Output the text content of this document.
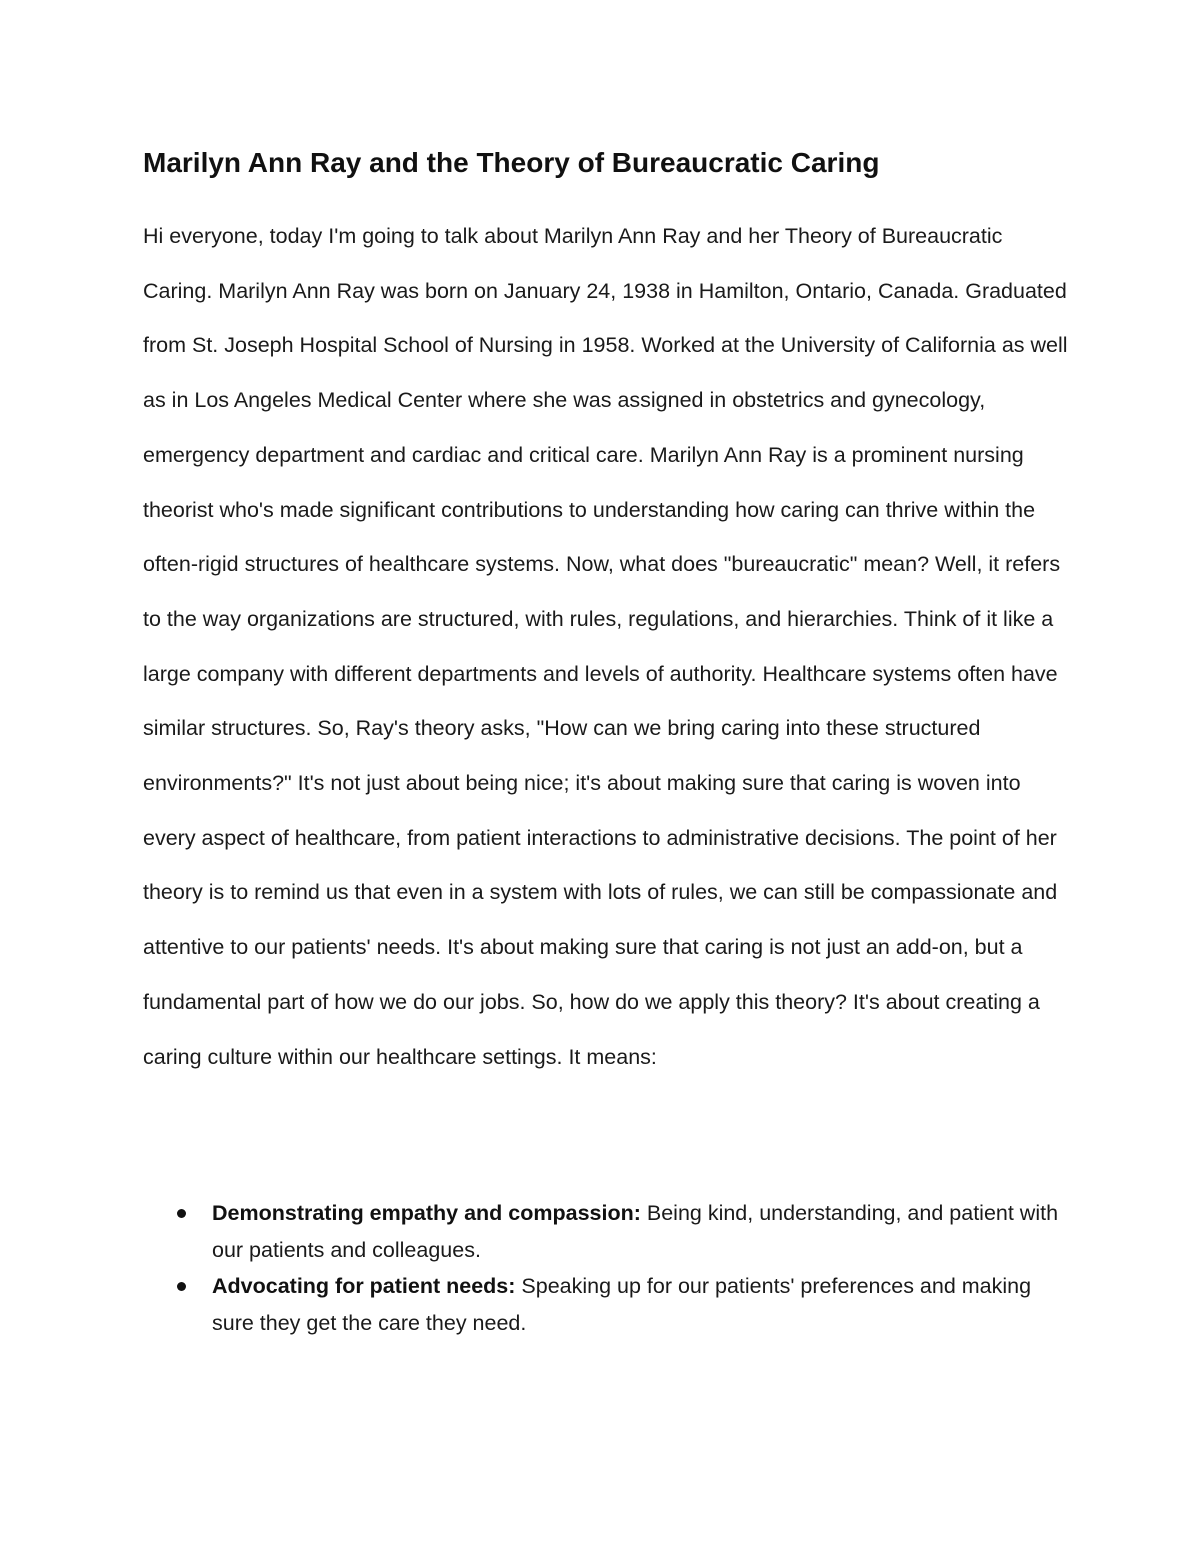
Marilyn Ann Ray and the Theory of Bureaucratic Caring

Hi everyone, today I'm going to talk about Marilyn Ann Ray and her Theory of Bureaucratic Caring. Marilyn Ann Ray was born on January 24, 1938 in Hamilton, Ontario, Canada. Graduated from St. Joseph Hospital School of Nursing in 1958. Worked at the University of California as well as in Los Angeles Medical Center where she was assigned in obstetrics and gynecology, emergency department and cardiac and critical care. Marilyn Ann Ray is a prominent nursing theorist who's made significant contributions to understanding how caring can thrive within the often-rigid structures of healthcare systems. Now, what does "bureaucratic" mean? Well, it refers to the way organizations are structured, with rules, regulations, and hierarchies. Think of it like a large company with different departments and levels of authority. Healthcare systems often have similar structures. So, Ray's theory asks, "How can we bring caring into these structured environments?" It's not just about being nice; it's about making sure that caring is woven into every aspect of healthcare, from patient interactions to administrative decisions. The point of her theory is to remind us that even in a system with lots of rules, we can still be compassionate and attentive to our patients' needs. It's about making sure that caring is not just an add-on, but a fundamental part of how we do our jobs. So, how do we apply this theory? It's about creating a caring culture within our healthcare settings. It means:

Demonstrating empathy and compassion: Being kind, understanding, and patient with our patients and colleagues.
Advocating for patient needs: Speaking up for our patients' preferences and making sure they get the care they need.
